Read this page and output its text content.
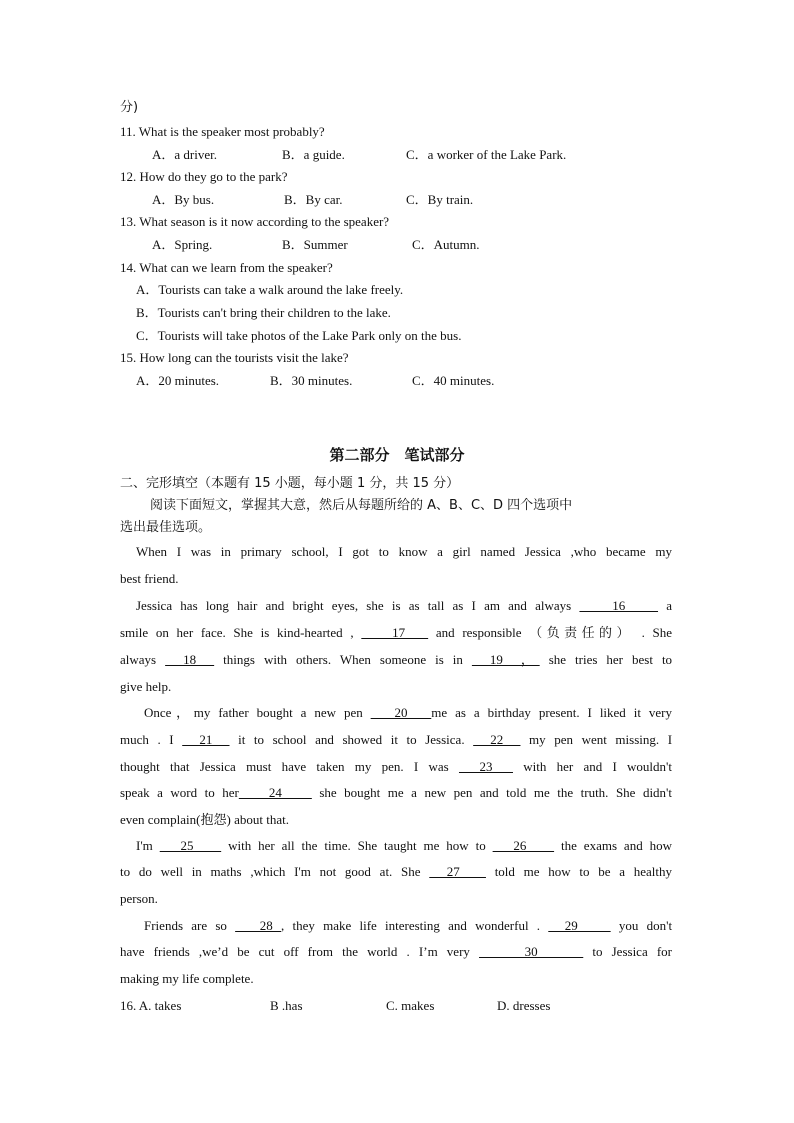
分)
11. What is the speaker most probably?
A．a driver.	B．a guide.	C．a worker of the Lake Park.
12. How do they go to the park?
A．By bus.	B．By car.	C．By train.
13. What season is it now according to the speaker?
A．Spring.	B．Summer	C．Autumn.
14. What can we learn from the speaker?
A．Tourists can take a walk around the lake freely.
B．Tourists can't bring their children to the lake.
C．Tourists will take photos of the Lake Park only on the bus.
15. How long can the tourists visit the lake?
A．20 minutes.	B．30 minutes.	C．40 minutes.
第二部分　笔试部分
二、完形填空（本题有 15 小题，每小题 1 分，共 15 分）
阅读下面短文，掌握其大意，然后从每题所给的 A、B、C、D 四个选项中
选出最佳选项。
When I was in primary school, I got to know a girl named Jessica ,who became my
best friend.
Jessica has long hair and bright eyes, she is as tall as I am and always     16     a
smile on her face. She is kind-hearted ,     17    and responsible （负责任的） . She
always   18   things with others. When someone is in   19  ， she tries her best to
give help.
Once，my father bought a new pen    20   me as a birthday present. I liked it very
much . I   21   it to school and showed it to Jessica.   22   my pen went missing. I
thought that Jessica must have taken my pen. I was   23   with her and I wouldn't
speak a word to her    24     she bought me a new pen and told me the truth. She didn't
even complain(抱怨) about that.
I'm    25     with her all the time. She taught me how to    26     the exams and how
to do well in maths ,which I'm not good at. She   27    told me how to be a healthy
person.
Friends are so    28 , they make life interesting and wonderful .   29     you don't
have friends ,we’d be cut off from the world . I’m very      30      to Jessica for
making my life complete.
16. A. takes	B .has	C. makes	D. dresses
